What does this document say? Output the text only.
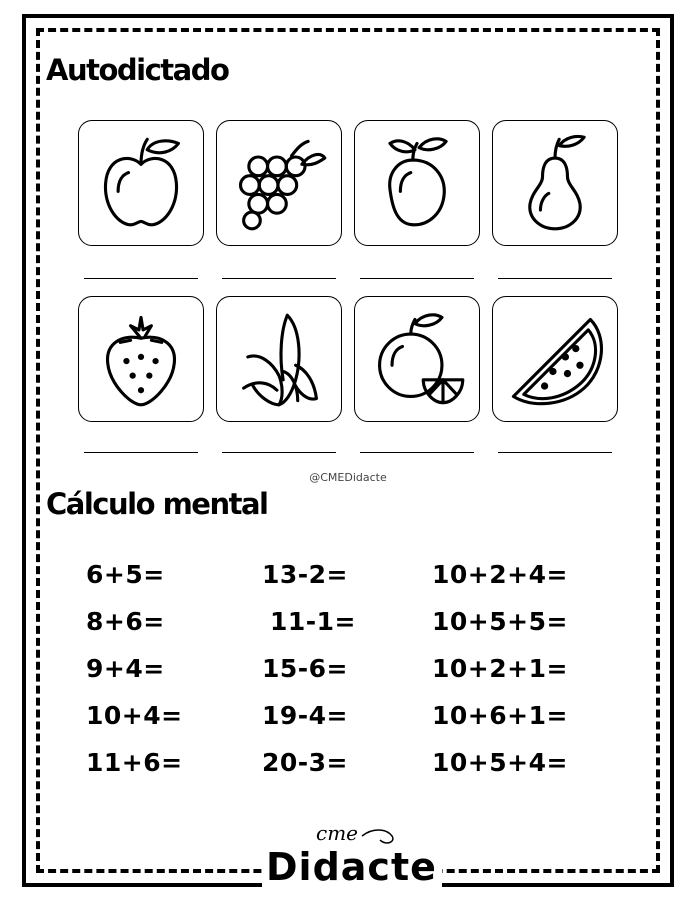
Autodictado
@CMEDidacte
Cálculo mental
6+5=
8+6=
9+4=
10+4=
11+6=
13-2=
11-1=
15-6=
19-4=
20-3=
10+2+4=
10+5+5=
10+2+1=
10+6+1=
10+5+4=
cme
Didacte
